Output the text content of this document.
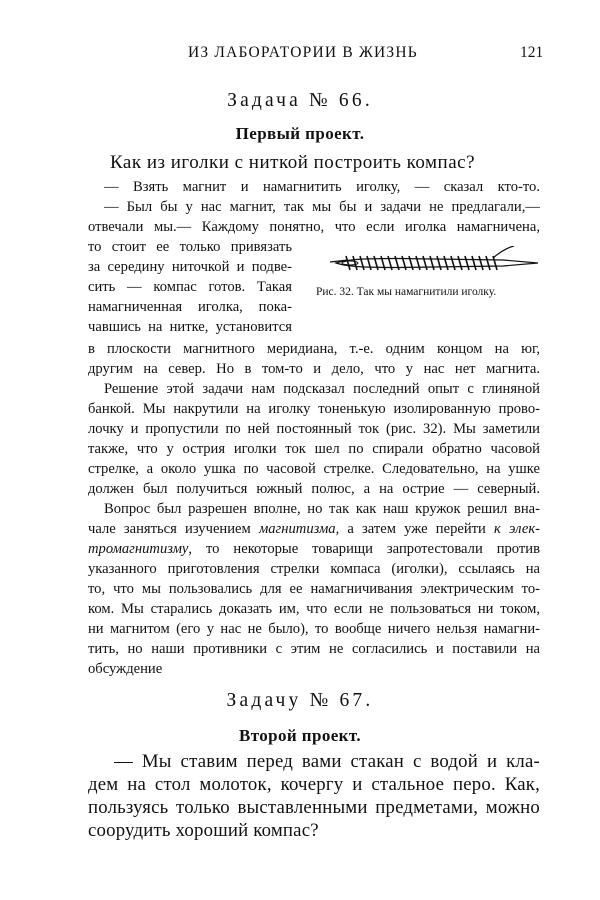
ИЗ ЛАБОРАТОРИИ В ЖИЗНЬ	121
Задача № 66.
Первый проект.
Как из иголки с ниткой построить компас?
— Взять магнит и намагнитить иголку, — сказал кто-то.
— Был бы у нас магнит, так мы бы и задачи не предлагали,—
отвечали мы.— Каждому понятно, что если иголка намагничена,
то стоит ее только привязать
за середину ниточкой и подве-
сить — компас готов. Такая
намагниченная иголка, пока-
чавшись на нитке, установится
Рис. 32. Так мы намагнитили иголку.
в плоскости магнитного меридиана, т.-е. одним концом на юг,
другим на север. Но в том-то и дело, что у нас нет магнита.
Решение этой задачи нам подсказал последний опыт с глиняной
банкой. Мы накрутили на иголку тоненькую изолированную прово-
лочку и пропустили по ней постоянный ток (рис. 32). Мы заметили
также, что у острия иголки ток шел по спирали обратно часовой
стрелке, а около ушка по часовой стрелке. Следовательно, на ушке
должен был получиться южный полюс, а на острие — северный.
Вопрос был разрешен вполне, но так как наш кружок решил вна-
чале заняться изучением магнитизма, а затем уже перейти к элек-
тромагнитизму, то некоторые товарищи запротестовали против
указанного приготовления стрелки компаса (иголки), ссылаясь на
то, что мы пользовались для ее намагничивания электрическим то-
ком. Мы старались доказать им, что если не пользоваться ни током,
ни магнитом (его у нас не было), то вообще ничего нельзя намагни-
тить, но наши противники с этим не согласились и поставили на
обсуждение
Задачу № 67.
Второй проект.
— Мы ставим перед вами стакан с водой и кла-
дем на стол молоток, кочергу и стальное перо. Как,
пользуясь только выставленными предметами, можно
соорудить хороший компас?
